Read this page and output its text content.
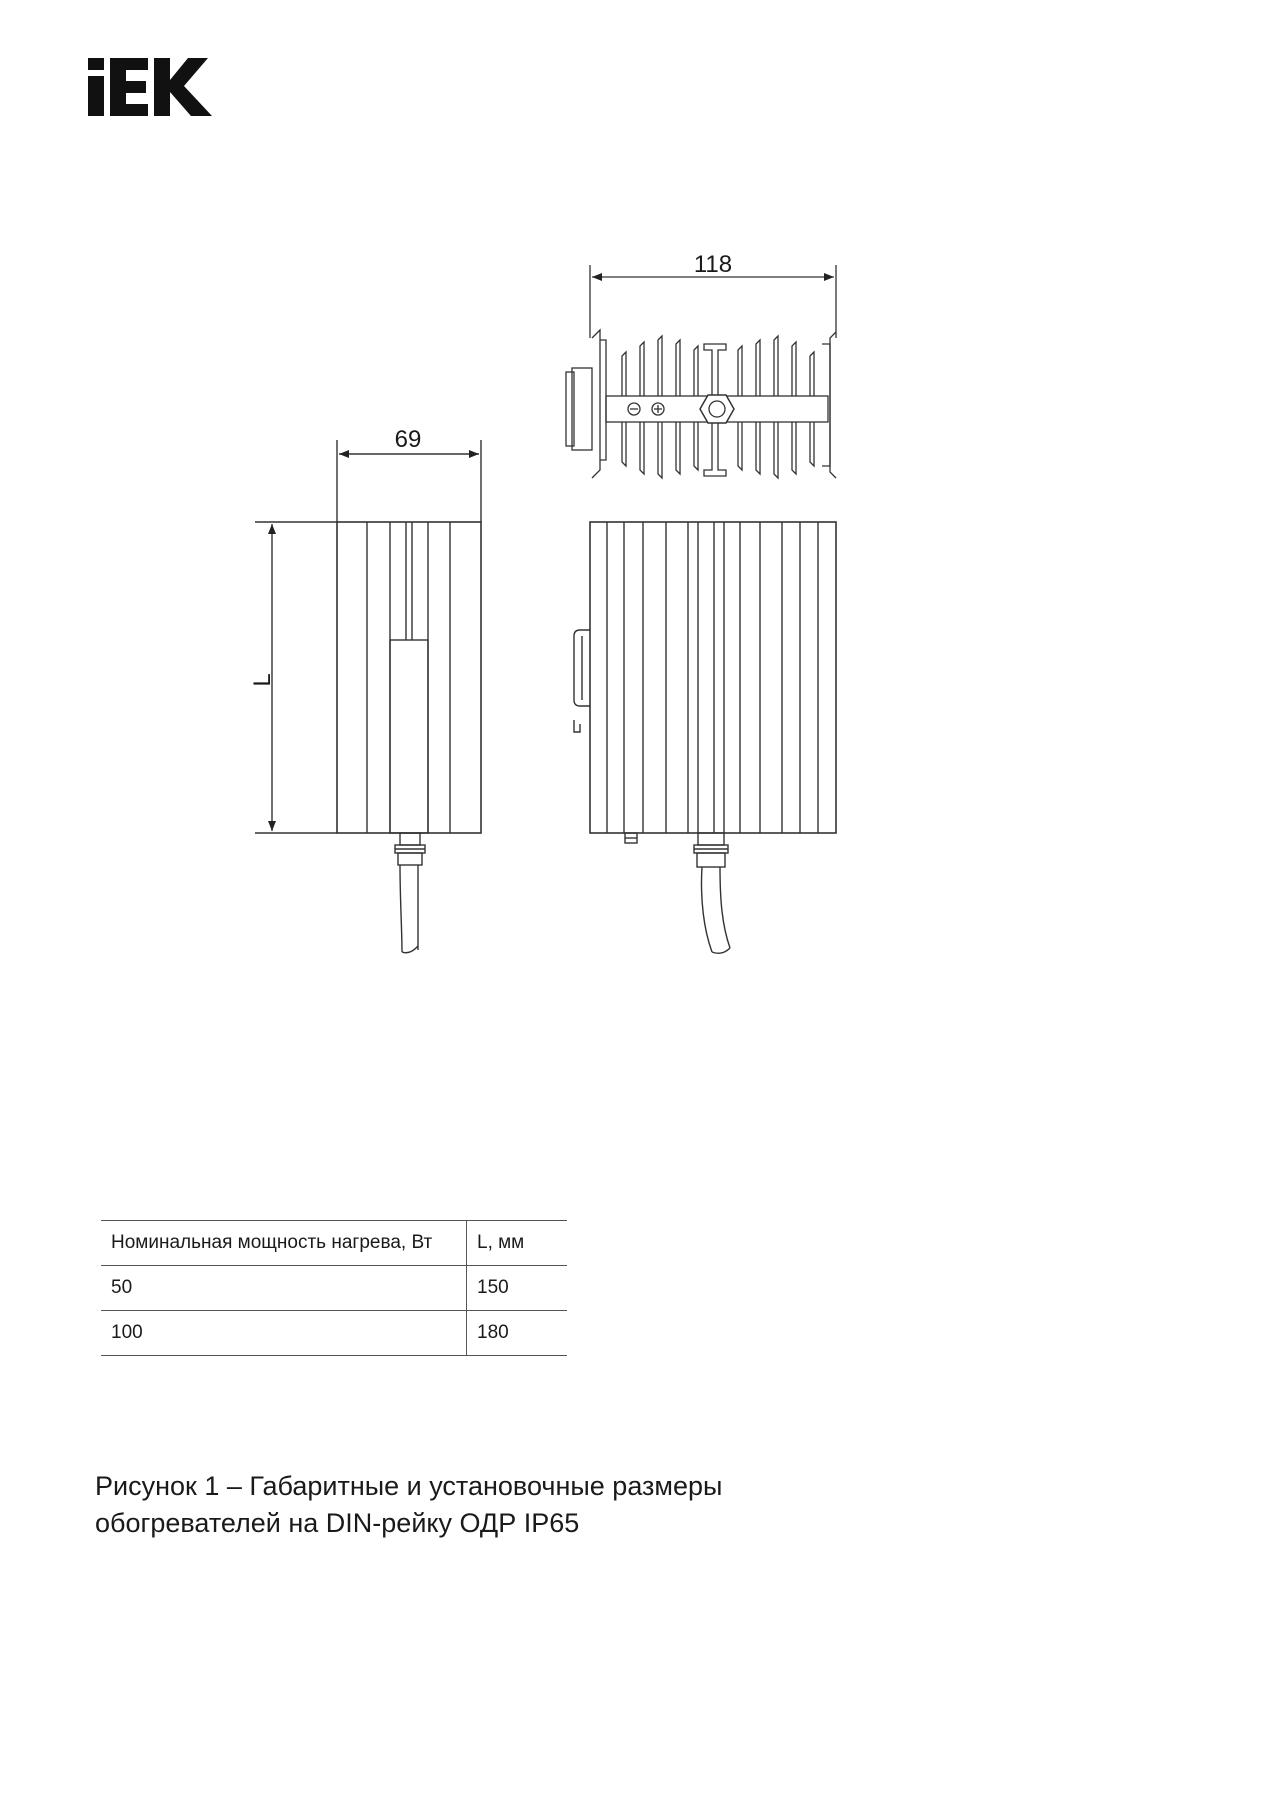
69
L
118
Номинальная мощность нагрева, Вт	L, мм
50	150
100	180
Рисунок 1 – Габаритные и установочные размеры
обогревателей на DIN-рейку ОДР IP65
